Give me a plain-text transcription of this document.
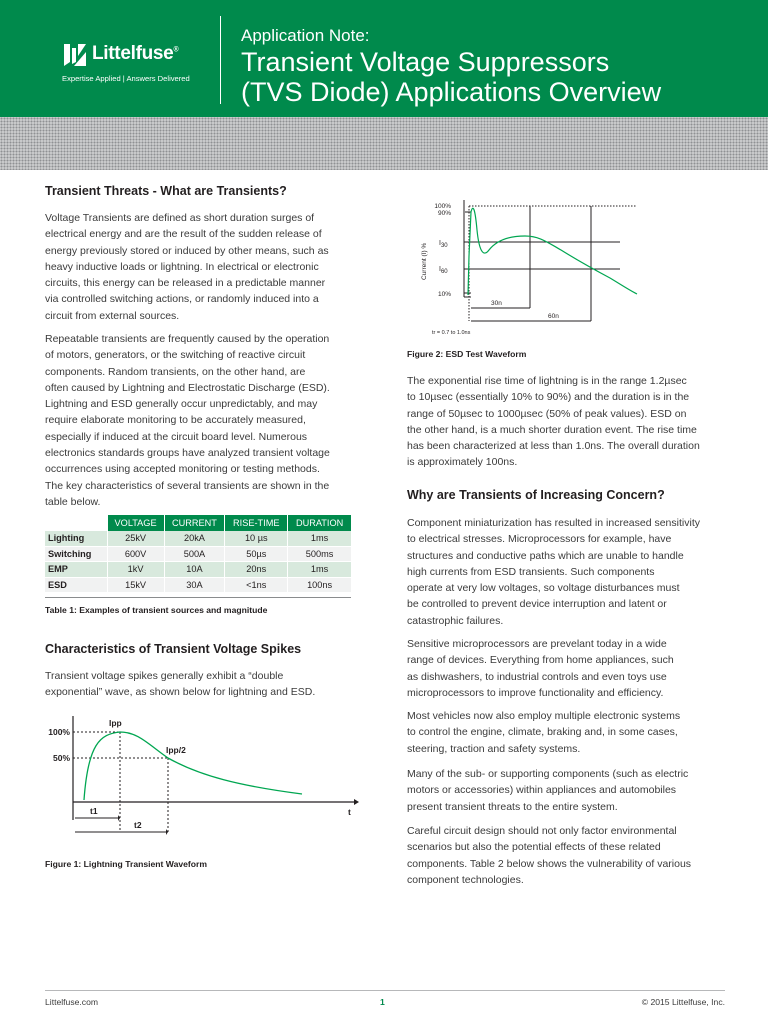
Littelfuse®
Expertise Applied | Answers Delivered
Application Note:
Transient Voltage Suppressors
(TVS Diode) Applications Overview
Transient Threats - What are Transients?
Voltage Transients are defined as short duration surges of
electrical energy and are the result of the sudden release of
energy previously stored or induced by other means, such as
heavy inductive loads or lightning. In electrical or electronic
circuits, this energy can be released in a predictable manner
via controlled switching actions, or randomly induced into a
circuit from external sources.
Repeatable transients are frequently caused by the operation
of motors, generators, or the switching of reactive circuit
components. Random transients, on the other hand, are
often caused by Lightning and Electrostatic Discharge (ESD).
Lightning and ESD generally occur unpredictably, and may
require elaborate monitoring to be accurately measured,
especially if induced at the circuit board level. Numerous
electronics standards groups have analyzed transient voltage
occurrences using accepted monitoring or testing methods.
The key characteristics of several transients are shown in the
table below.
	VOLTAGE	CURRENT	RISE-TIME	DURATION
Lighting	25kV	20kA	10 µs	1ms
Switching	600V	500A	50µs	500ms
EMP	1kV	10A	20ns	1ms
ESD	15kV	30A	<1ns	100ns
Table 1: Examples of transient sources and magnitude
Characteristics of Transient Voltage Spikes
Transient voltage spikes generally exhibit a “double
exponential” wave, as shown below for lightning and ESD.
100%
50%
Ipp
Ipp/2
t
t1
t2
Figure 1: Lightning Transient Waveform
100%
90%
I30
I60
10%
Current (I) %
30n
60n
tr = 0.7 to 1.0ns
Figure 2: ESD Test Waveform
The exponential rise time of lightning is in the range 1.2µsec
to 10µsec (essentially 10% to 90%) and the duration is in the
range of 50µsec to 1000µsec (50% of peak values). ESD on
the other hand, is a much shorter duration event. The rise time
has been characterized at less than 1.0ns. The overall duration
is approximately 100ns.
Why are Transients of Increasing Concern?
Component miniaturization has resulted in increased sensitivity
to electrical stresses. Microprocessors for example, have
structures and conductive paths which are unable to handle
high currents from ESD transients. Such components
operate at very low voltages, so voltage disturbances must
be controlled to prevent device interruption and latent or
catastrophic failures.
Sensitive microprocessors are prevelant today in a wide
range of devices. Everything from home appliances, such
as dishwashers, to industrial controls and even toys use
microprocessors to improve functionality and efficiency.
Most vehicles now also employ multiple electronic systems
to control the engine, climate, braking and, in some cases,
steering, traction and safety systems.
Many of the sub- or supporting components (such as electric
motors or accessories) within appliances and automobiles
present transient threats to the entire system.
Careful circuit design should not only factor environmental
scenarios but also the potential effects of these related
components. Table 2 below shows the vulnerability of various
component technologies.
Littelfuse.com	1	© 2015 Littelfuse, Inc.
